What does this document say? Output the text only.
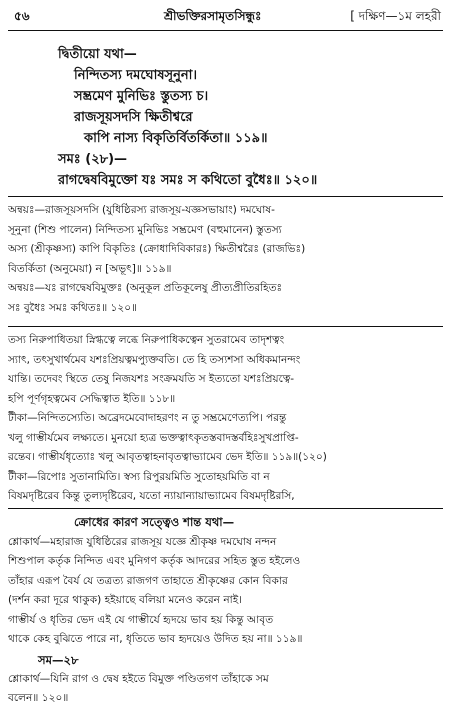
৫৬	শ্রীভক্তিরসামৃতসিন্ধুঃ	[ দক্ষিণ—১ম লহরী
দ্বিতীয়ো যথা—
নিন্দিতস্য দমঘোষসূনুনা।
সম্ভ্রমেণ মুনিভিঃ স্তুতস্য চ।
রাজসূয়সদসি ক্ষিতীশ্বরে
কাপি নাস্য বিকৃতির্বিতর্কিতা॥ ১১৯॥
সমঃ (২৮)—
রাগদ্বেষবিমুক্তো যঃ সমঃ স কথিতো বুধৈঃ॥ ১২০॥
অন্বয়ঃ—রাজসূয়সদসি (যুধিষ্ঠিরস্য রাজসূয়-যজ্ঞসভায়াং) দমঘোষ-
সূনুনা (শিশু পালেন) নিন্দিতস্য মুনিভিঃ সম্ভ্রমেণ (বহুমানেন) স্তুতস্য
অস্য (শ্রীকৃষ্ণস্য) কাপি বিকৃতিঃ (ক্রোধাদিবিকারঃ) ক্ষিতীশ্বরৈঃ (রাজভিঃ)
বিতর্কিতা (অনুমেয়া) ন [অভূৎ]॥ ১১৯॥
অন্বয়ঃ—যঃ রাগদ্বেষবিমুক্তঃ (অনুকূল প্রতিকূলেষু প্রীত্যপ্রীতিরহিতঃ
সঃ বুধৈঃ সমঃ কথিতঃ॥ ১২০॥
তস্য নিরুপাধিতয়া স্নিগ্ধত্বে লব্ধে নিরুপাধিকত্বেন সুতরামেব তাদৃশত্বং
স্যাৎ, তৎসুখার্থমেব যশঃপ্রিয়ত্বমপ্যুক্তবতি। তে হি তস্যশসা অধিকমানন্দং
যান্তি। তদেবং স্থিতে তেষু নিজযশঃ সংক্রমযতি স ইত্যতো যশঃপ্রিয়ত্বে-
হপি পূর্ণগৃহত্বমেব সেদ্ধিত্বাত ইতি॥ ১১৮॥
টীকা—নিন্দিতস্যেতি। অব্রেদমেবোদাহরণং ন তু সম্ভ্রমেণেত্যপি। পরন্তু
খলু গাম্ভীর্যমেব লক্ষ্যতে। মুনয়ো হ্যত্র ভক্তত্বাৎকৃতস্তবাদস্তর্বহিঃসুখপ্রাপ্তি-
রন্তেব। গাম্ভীর্যধৃত্যোঃ খলু আবৃতত্বাহনাবৃতত্বাভ্যামেব ভেদ ইতি॥ ১১৯॥(১২০)
টীকা—রিপোঃ সুতানামিতি। স্বস্য রিপুরয়মিতি সুতোহয়মিতি বা ন
বিষমদৃষ্টিরেব কিন্তু তুল্যদৃষ্টিরেব, যতো ন্যায়ান্যায়াভ্যামেব বিষমদৃষ্টিরসি,
ক্রোধের কারণ সত্ত্বেও শান্ত যথা—
শ্লোকার্থ—মহারাজ যুধিষ্ঠিরের রাজসূয় যজ্ঞে শ্রীকৃষ্ণ দমঘোষ নন্দন
শিশুপাল কর্তৃক নিন্দিত এবং মুনিগণ কর্তৃক আদরের সহিত স্তুত হইলেও
তাঁহার এরূপ বৈর্য যে তত্রত্য রাজগণ তাহাতে শ্রীকৃষ্ণের কোন বিকার
(দর্শন করা দূরে থাকুক) হইয়াছে বলিয়া মনেও করেন নাই।
গাম্ভীর্য ও ধৃতির ভেদ এই যে গাম্ভীর্যে হৃদয়ে ভাব হয় কিন্তু আবৃত
থাকে কেহ বুঝিতে পারে না, ধৃতিতে ভাব হৃদয়েও উদিত হয় না॥ ১১৯॥
সম—২৮
শ্লোকার্থ—যিনি রাগ ও দ্বেষ হইতে বিমুক্ত পণ্ডিতগণ তাঁহাকে সম
বলেন॥ ১২০॥
